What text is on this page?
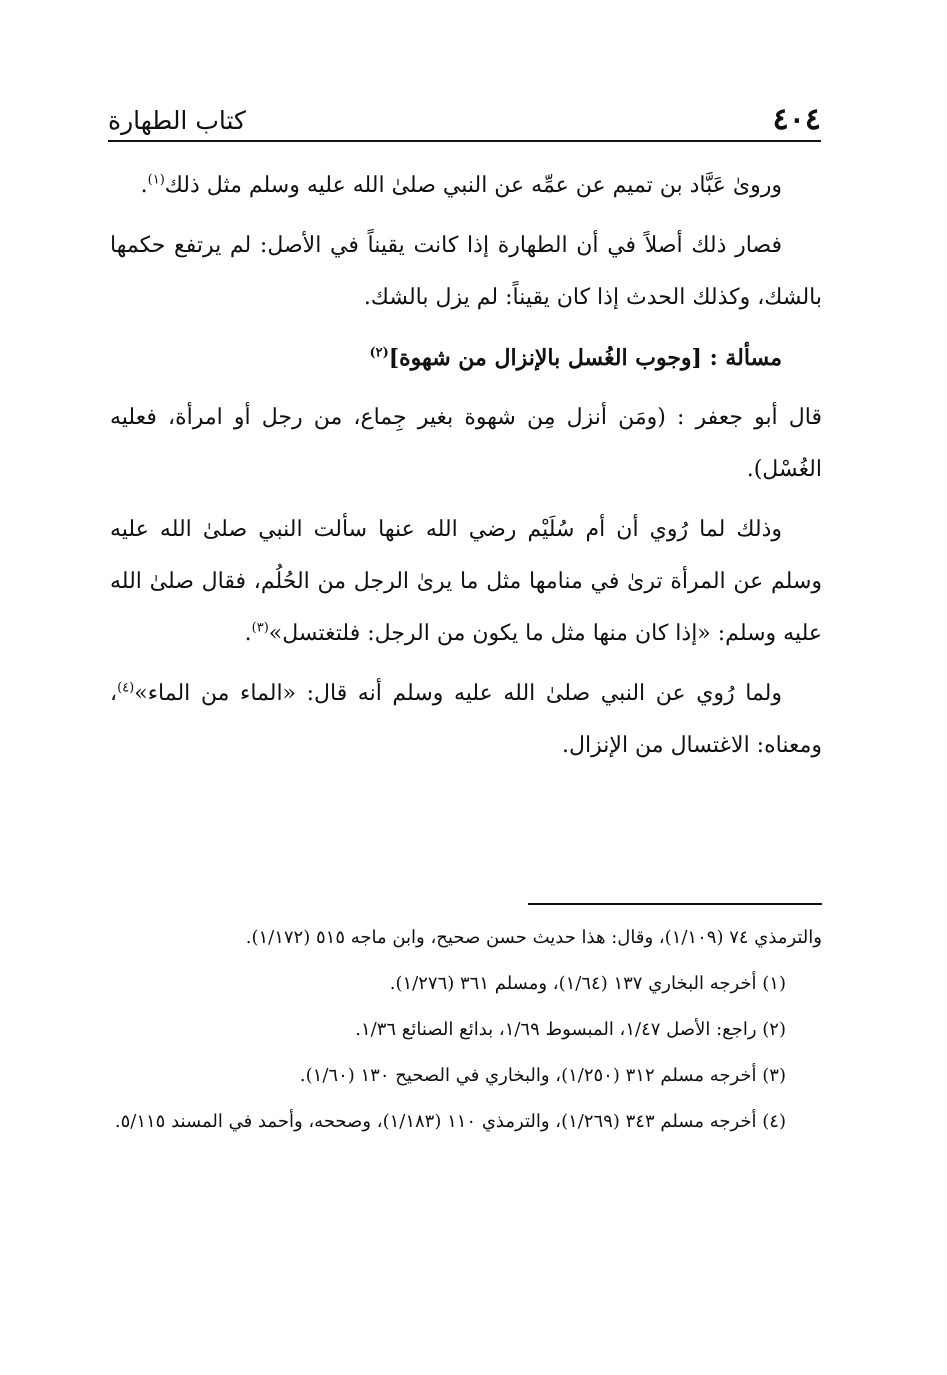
٤٠٤
كتاب الطهارة

وروىٰ عَبَّاد بن تميم عن عمِّه عن النبي صلىٰ الله عليه وسلم مثل ذلك$^{(١)}$.

فصار ذلك أصلاً في أن الطهارة إذا كانت يقيناً في الأصل: لم يرتفع حكمها بالشك، وكذلك الحدث إذا كان يقيناً: لم يزل بالشك.

مسألة : [وجوب الغُسل بالإنزال من شهوة]$^{(٢)}$

قال أبو جعفر : (ومَن أنزل مِن شهوة بغير جِماع، من رجل أو امرأة، فعليه الغُسْل).

وذلك لما رُوي أن أم سُلَيْم رضي الله عنها سألت النبي صلىٰ الله عليه وسلم عن المرأة ترىٰ في منامها مثل ما يرىٰ الرجل من الحُلُم، فقال صلىٰ الله عليه وسلم: «إذا كان منها مثل ما يكون من الرجل: فلتغتسل»$^{(٣)}$.

ولما رُوي عن النبي صلىٰ الله عليه وسلم أنه قال: «الماء من الماء»$^{(٤)}$، ومعناه: الاغتسال من الإنزال.

والترمذي ٧٤ (١/١٠٩)، وقال: هذا حديث حسن صحيح، وابن ماجه ٥١٥ (١/١٧٢).

(١) أخرجه البخاري ١٣٧ (١/٦٤)، ومسلم ٣٦١ (١/٢٧٦).

(٢) راجع: الأصل ١/٤٧، المبسوط ١/٦٩، بدائع الصنائع ١/٣٦.

(٣) أخرجه مسلم ٣١٢ (١/٢٥٠)، والبخاري في الصحيح ١٣٠ (١/٦٠).

(٤) أخرجه مسلم ٣٤٣ (١/٢٦٩)، والترمذي ١١٠ (١/١٨٣)، وصححه، وأحمد في المسند ٥/١١٥.
